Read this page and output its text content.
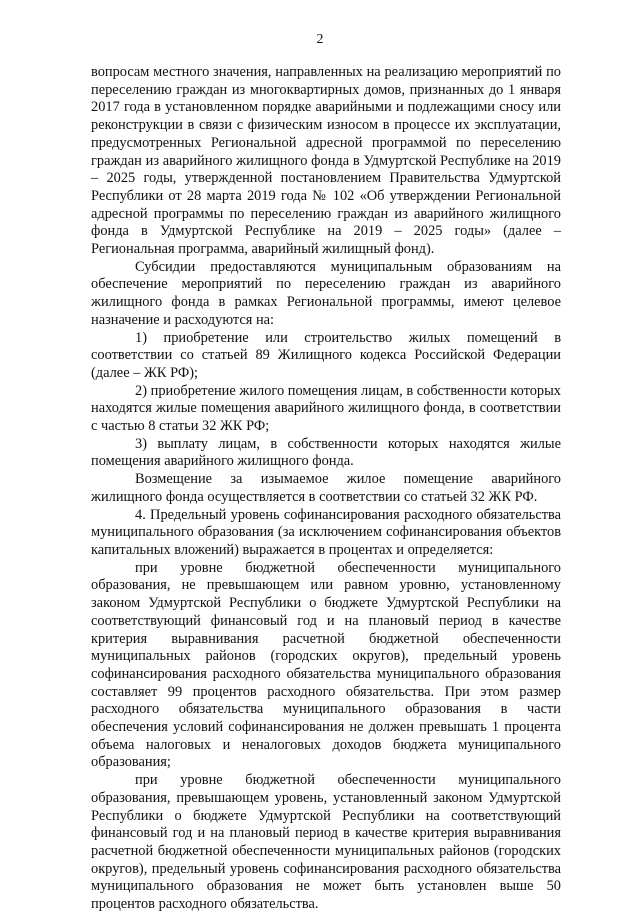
2

вопросам местного значения, направленных на реализацию мероприятий по переселению граждан из многоквартирных домов, признанных до 1 января 2017 года в установленном порядке аварийными и подлежащими сносу или реконструкции в связи с физическим износом в процессе их эксплуатации, предусмотренных Региональной адресной программой по переселению граждан из аварийного жилищного фонда в Удмуртской Республике на 2019 – 2025 годы, утвержденной постановлением Правительства Удмуртской Республики от 28 марта 2019 года № 102 «Об утверждении Региональной адресной программы по переселению граждан из аварийного жилищного фонда в Удмуртской Республике на 2019 – 2025 годы» (далее – Региональная программа, аварийный жилищный фонд).

Субсидии предоставляются муниципальным образованиям на обеспечение мероприятий по переселению граждан из аварийного жилищного фонда в рамках Региональной программы, имеют целевое назначение и расходуются на:

1) приобретение или строительство жилых помещений в соответствии со статьей 89 Жилищного кодекса Российской Федерации (далее – ЖК РФ);

2) приобретение жилого помещения лицам, в собственности которых находятся жилые помещения аварийного жилищного фонда, в соответствии с частью 8 статьи 32 ЖК РФ;

3) выплату лицам, в собственности которых находятся жилые помещения аварийного жилищного фонда.

Возмещение за изымаемое жилое помещение аварийного жилищного фонда осуществляется в соответствии со статьей 32 ЖК РФ.

4. Предельный уровень софинансирования расходного обязательства муниципального образования (за исключением софинансирования объектов капитальных вложений) выражается в процентах и определяется:

при уровне бюджетной обеспеченности муниципального образования, не превышающем или равном уровню, установленному законом Удмуртской Республики о бюджете Удмуртской Республики на соответствующий финансовый год и на плановый период в качестве критерия выравнивания расчетной бюджетной обеспеченности муниципальных районов (городских округов), предельный уровень софинансирования расходного обязательства муниципального образования составляет 99 процентов расходного обязательства. При этом размер расходного обязательства муниципального образования в части обеспечения условий софинансирования не должен превышать 1 процента объема налоговых и неналоговых доходов бюджета муниципального образования;

при уровне бюджетной обеспеченности муниципального образования, превышающем уровень, установленный законом Удмуртской Республики о бюджете Удмуртской Республики на соответствующий финансовый год и на плановый период в качестве критерия выравнивания расчетной бюджетной обеспеченности муниципальных районов (городских округов), предельный уровень софинансирования расходного обязательства муниципального образования не может быть установлен выше 50 процентов расходного обязательства.
